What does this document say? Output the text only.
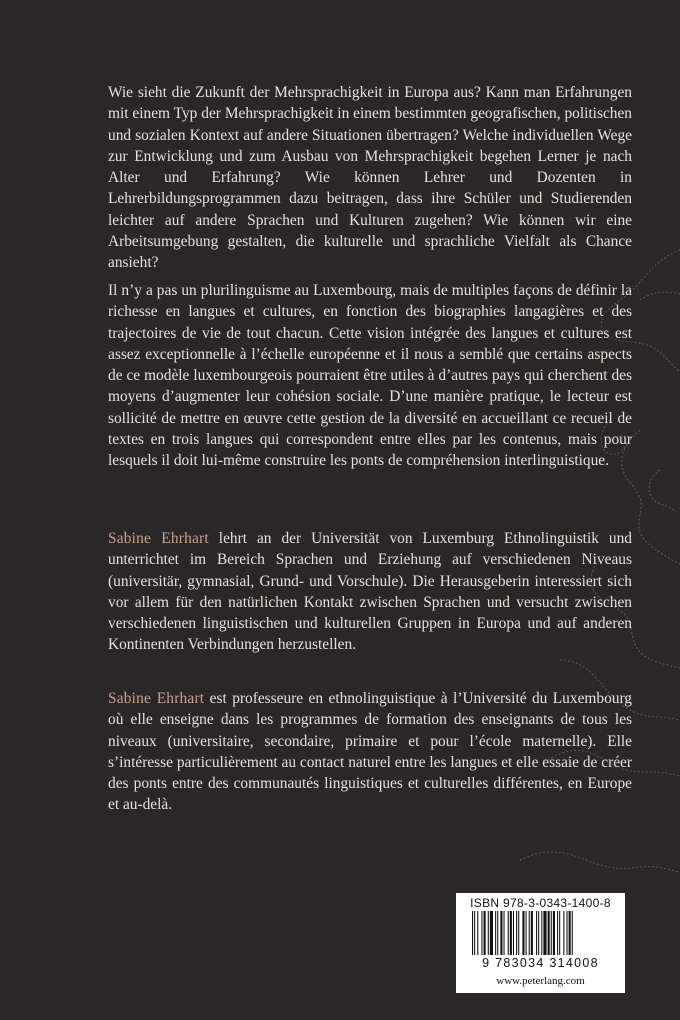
Wie sieht die Zukunft der Mehrsprachigkeit in Europa aus? Kann man Erfahrungen mit einem Typ der Mehrsprachigkeit in einem bestimmten geografischen, politischen und sozialen Kontext auf andere Situationen übertragen? Welche individuellen Wege zur Entwicklung und zum Ausbau von Mehrsprachigkeit begehen Lerner je nach Alter und Erfahrung? Wie können Lehrer und Dozenten in Lehrerbildungsprogrammen dazu beitragen, dass ihre Schüler und Studierenden leichter auf andere Sprachen und Kulturen zugehen? Wie können wir eine Arbeitsumgebung gestalten, die kulturelle und sprachliche Vielfalt als Chance ansieht?

Il n’y a pas un plurilinguisme au Luxembourg, mais de multiples façons de définir la richesse en langues et cultures, en fonction des biographies langagières et des trajectoires de vie de tout chacun. Cette vision intégrée des langues et cultures est assez exceptionnelle à l’échelle européenne et il nous a semblé que certains aspects de ce modèle luxembourgeois pourraient être utiles à d’autres pays qui cherchent des moyens d’augmenter leur cohésion sociale. D’une manière pratique, le lecteur est sollicité de mettre en œuvre cette gestion de la diversité en accueillant ce recueil de textes en trois langues qui correspondent entre elles par les contenus, mais pour lesquels il doit lui-même construire les ponts de compréhension interlinguistique.

Sabine Ehrhart lehrt an der Universität von Luxemburg Ethnolinguistik und unterrichtet im Bereich Sprachen und Erziehung auf verschiedenen Niveaus (universitär, gymnasial, Grund- und Vorschule). Die Herausgeberin interessiert sich vor allem für den natürlichen Kontakt zwischen Sprachen und versucht zwischen verschiedenen linguistischen und kulturellen Gruppen in Europa und auf anderen Kontinenten Verbindungen herzustellen.

Sabine Ehrhart est professeure en ethnolinguistique à l’Université du Luxembourg où elle enseigne dans les programmes de formation des enseignants de tous les niveaux (universitaire, secondaire, primaire et pour l’école maternelle). Elle s’intéresse particulièrement au contact naturel entre les langues et elle essaie de créer des ponts entre des communautés linguistiques et culturelles différentes, en Europe et au-delà.

ISBN 978-3-0343-1400-8
9 783034 314008
www.peterlang.com
